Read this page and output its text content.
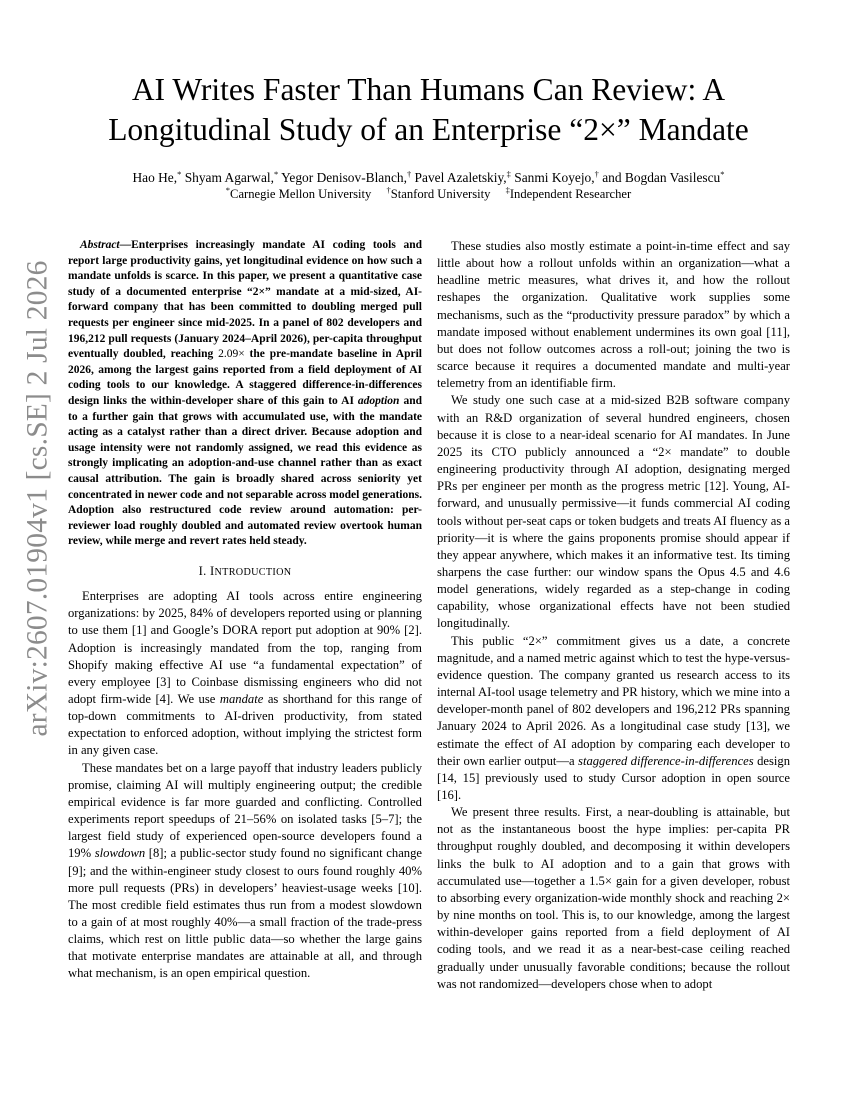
arXiv:2607.01904v1 [cs.SE] 2 Jul 2026
AI Writes Faster Than Humans Can Review: A
Longitudinal Study of an Enterprise “2×” Mandate
Hao He,* Shyam Agarwal,* Yegor Denisov-Blanch,† Pavel Azaletskiy,‡ Sanmi Koyejo,† and Bogdan Vasilescu*
*Carnegie Mellon University †Stanford University ‡Independent Researcher

Abstract—Enterprises increasingly mandate AI coding tools and report large productivity gains, yet longitudinal evidence on how such a mandate unfolds is scarce. In this paper, we present a quantitative case study of a documented enterprise “2×” mandate at a mid-sized, AI-forward company that has been committed to doubling merged pull requests per engineer since mid-2025. In a panel of 802 developers and 196,212 pull requests (January 2024–April 2026), per-capita throughput eventually doubled, reaching 2.09× the pre-mandate baseline in April 2026, among the largest gains reported from a field deployment of AI coding tools to our knowledge. A staggered difference-in-differences design links the within-developer share of this gain to AI adoption and to a further gain that grows with accumulated use, with the mandate acting as a catalyst rather than a direct driver. Because adoption and usage intensity were not randomly assigned, we read this evidence as strongly implicating an adoption-and-use channel rather than as exact causal attribution. The gain is broadly shared across seniority yet concentrated in newer code and not separable across model generations. Adoption also restructured code review around automation: per-reviewer load roughly doubled and automated review overtook human review, while merge and revert rates held steady.

I. INTRODUCTION

Enterprises are adopting AI tools across entire engineering organizations: by 2025, 84% of developers reported using or planning to use them [1] and Google’s DORA report put adoption at 90% [2]. Adoption is increasingly mandated from the top, ranging from Shopify making effective AI use “a fundamental expectation” of every employee [3] to Coinbase dismissing engineers who did not adopt firm-wide [4]. We use mandate as shorthand for this range of top-down commitments to AI-driven productivity, from stated expectation to enforced adoption, without implying the strictest form in any given case.

These mandates bet on a large payoff that industry leaders publicly promise, claiming AI will multiply engineering output; the credible empirical evidence is far more guarded and conflicting. Controlled experiments report speedups of 21–56% on isolated tasks [5–7]; the largest field study of experienced open-source developers found a 19% slowdown [8]; a public-sector study found no significant change [9]; and the within-engineer study closest to ours found roughly 40% more pull requests (PRs) in developers’ heaviest-usage weeks [10]. The most credible field estimates thus run from a modest slowdown to a gain of at most roughly 40%—a small fraction of the trade-press claims, which rest on little public data—so whether the large gains that motivate enterprise mandates are attainable at all, and through what mechanism, is an open empirical question.

These studies also mostly estimate a point-in-time effect and say little about how a rollout unfolds within an organization—what a headline metric measures, what drives it, and how the rollout reshapes the organization. Qualitative work supplies some mechanisms, such as the “productivity pressure paradox” by which a mandate imposed without enablement undermines its own goal [11], but does not follow outcomes across a roll-out; joining the two is scarce because it requires a documented mandate and multi-year telemetry from an identifiable firm.

We study one such case at a mid-sized B2B software company with an R&D organization of several hundred engineers, chosen because it is close to a near-ideal scenario for AI mandates. In June 2025 its CTO publicly announced a “2× mandate” to double engineering productivity through AI adoption, designating merged PRs per engineer per month as the progress metric [12]. Young, AI-forward, and unusually permissive—it funds commercial AI coding tools without per-seat caps or token budgets and treats AI fluency as a priority—it is where the gains proponents promise should appear if they appear anywhere, which makes it an informative test. Its timing sharpens the case further: our window spans the Opus 4.5 and 4.6 model generations, widely regarded as a step-change in coding capability, whose organizational effects have not been studied longitudinally.

This public “2×” commitment gives us a date, a concrete magnitude, and a named metric against which to test the hype-versus-evidence question. The company granted us research access to its internal AI-tool usage telemetry and PR history, which we mine into a developer-month panel of 802 developers and 196,212 PRs spanning January 2024 to April 2026. As a longitudinal case study [13], we estimate the effect of AI adoption by comparing each developer to their own earlier output—a staggered difference-in-differences design [14, 15] previously used to study Cursor adoption in open source [16].

We present three results. First, a near-doubling is attainable, but not as the instantaneous boost the hype implies: per-capita PR throughput roughly doubled, and decomposing it within developers links the bulk to AI adoption and to a gain that grows with accumulated use—together a 1.5× gain for a given developer, robust to absorbing every organization-wide monthly shock and reaching 2× by nine months on tool. This is, to our knowledge, among the largest within-developer gains reported from a field deployment of AI coding tools, and we read it as a near-best-case ceiling reached gradually under unusually favorable conditions; because the rollout was not randomized—developers chose when to adopt
